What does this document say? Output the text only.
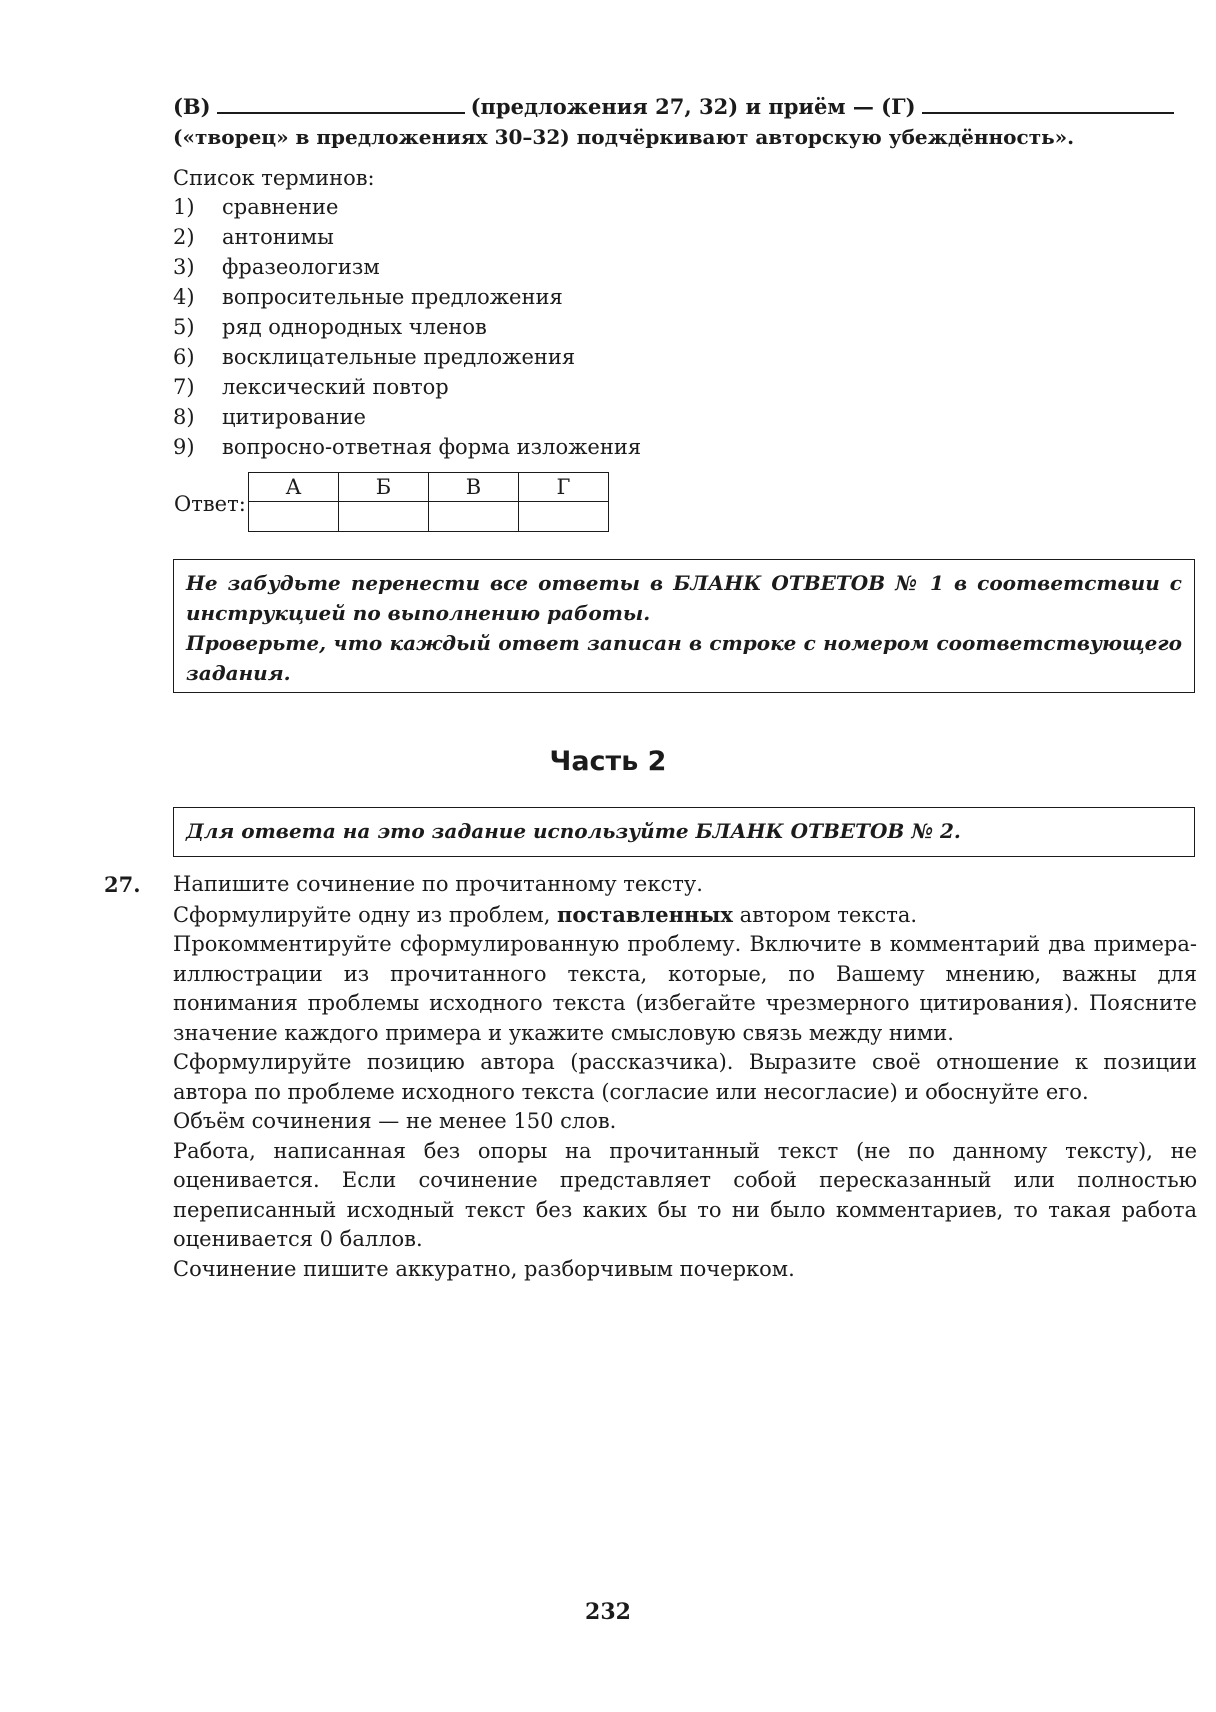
(В)	(предложения 27, 32) и приём — (Г)
(«творец» в предложениях 30–32) подчёркивают авторскую убеждённость».
Список терминов:
1) сравнение
2) антонимы
3) фразеологизм
4) вопросительные предложения
5) ряд однородных членов
6) восклицательные предложения
7) лексический повтор
8) цитирование
9) вопросно-ответная форма изложения
Ответ:
А	Б	В	Г

Не забудьте перенести все ответы в БЛАНК ОТВЕТОВ № 1 в соответствии с инструкцией по выполнению работы.
Проверьте, что каждый ответ записан в строке с номером соответствующего задания.
Часть 2
Для ответа на это задание используйте БЛАНК ОТВЕТОВ № 2.
27. Напишите сочинение по прочитанному тексту.

Сформулируйте одну из проблем, поставленных автором текста.

Прокомментируйте сформулированную проблему. Включите в комментарий два примера-иллюстрации из прочитанного текста, которые, по Вашему мнению, важны для понимания проблемы исходного текста (избегайте чрезмерного цитирования). Поясните значение каждого примера и укажите смысловую связь между ними.

Сформулируйте позицию автора (рассказчика). Выразите своё отношение к позиции автора по проблеме исходного текста (согласие или несогласие) и обоснуйте его.

Объём сочинения — не менее 150 слов.

Работа, написанная без опоры на прочитанный текст (не по данному тексту), не оценивается. Если сочинение представляет собой пересказанный или полностью переписанный исходный текст без каких бы то ни было комментариев, то такая работа оценивается 0 баллов.

Сочинение пишите аккуратно, разборчивым почерком.

232
